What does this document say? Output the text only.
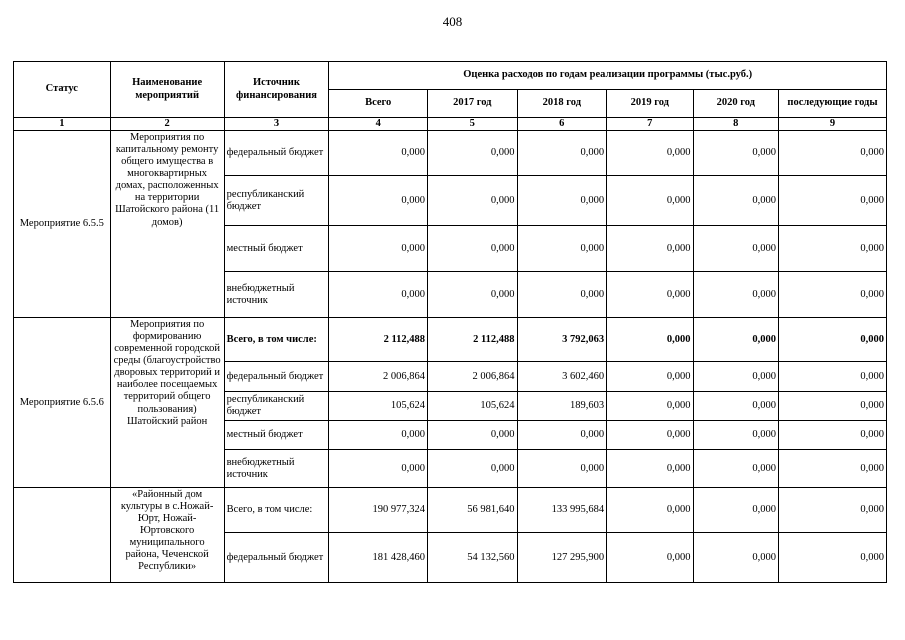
408
Статус	Наименование мероприятий	Источник финансирования	Оценка расходов по годам реализации программы (тыс.руб.)					
			Всего	2017 год	2018 год	2019 год	2020 год	последующие годы
1	2	3	4	5	6	7	8	9
Мероприятие 6.5.5	Мероприятия по капитальному ремонту общего имущества в многоквартирных домах, расположенных на территории Шатойского района (11 домов)	федеральный бюджет	0,000	0,000	0,000	0,000	0,000	0,000
		республиканский бюджет	0,000	0,000	0,000	0,000	0,000	0,000
		местный бюджет	0,000	0,000	0,000	0,000	0,000	0,000
		внебюджетный источник	0,000	0,000	0,000	0,000	0,000	0,000
Мероприятие 6.5.6	Мероприятия по формированию современной городской среды (благоустройство дворовых территорий и наиболее посещаемых территорий общего пользования) Шатойский район	Всего, в том числе:	2 112,488	2 112,488	3 792,063	0,000	0,000	0,000
		федеральный бюджет	2 006,864	2 006,864	3 602,460	0,000	0,000	0,000
		республиканский бюджет	105,624	105,624	189,603	0,000	0,000	0,000
		местный бюджет	0,000	0,000	0,000	0,000	0,000	0,000
		внебюджетный источник	0,000	0,000	0,000	0,000	0,000	0,000
	«Районный дом культуры в с.Ножай-Юрт, Ножай-Юртовского муниципального района, Чеченской Республики»	Всего, в том числе:	190 977,324	56 981,640	133 995,684	0,000	0,000	0,000
		федеральный бюджет	181 428,460	54 132,560	127 295,900	0,000	0,000	0,000
